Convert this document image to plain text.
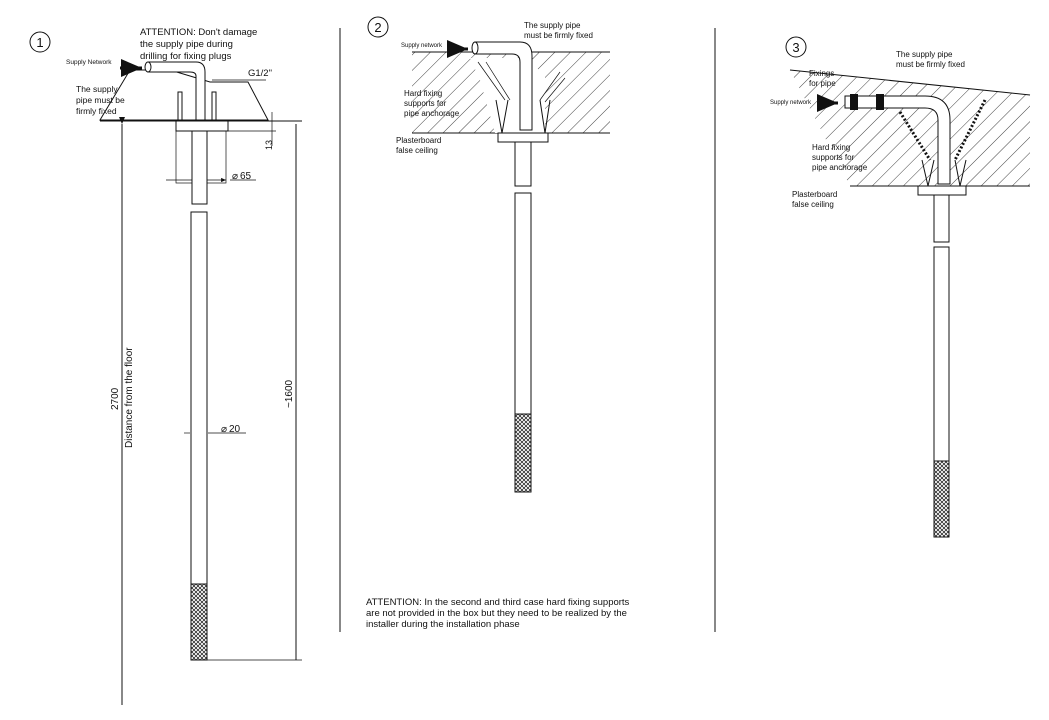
1
ATTENTION: Don't damage the supply pipe during drilling for fixing plugs
Supply Network
The supply pipe must be firmly fixed
G1/2"
13
⌀ 65
⌀ 20
2700 Distance from the floor	~1600
2	The supply pipe must be firmly fixed
Supply network
Hard fixing supports for pipe anchorage
Plasterboard false ceiling
3	The supply pipe must be firmly fixed
Supply network
Fixings for pipe
Hard fixing supports for pipe anchorage
Plasterboard false ceiling
ATTENTION: In the second and third case hard fixing supports are not provided in the box but they need to be realized by the installer during the installation phase
